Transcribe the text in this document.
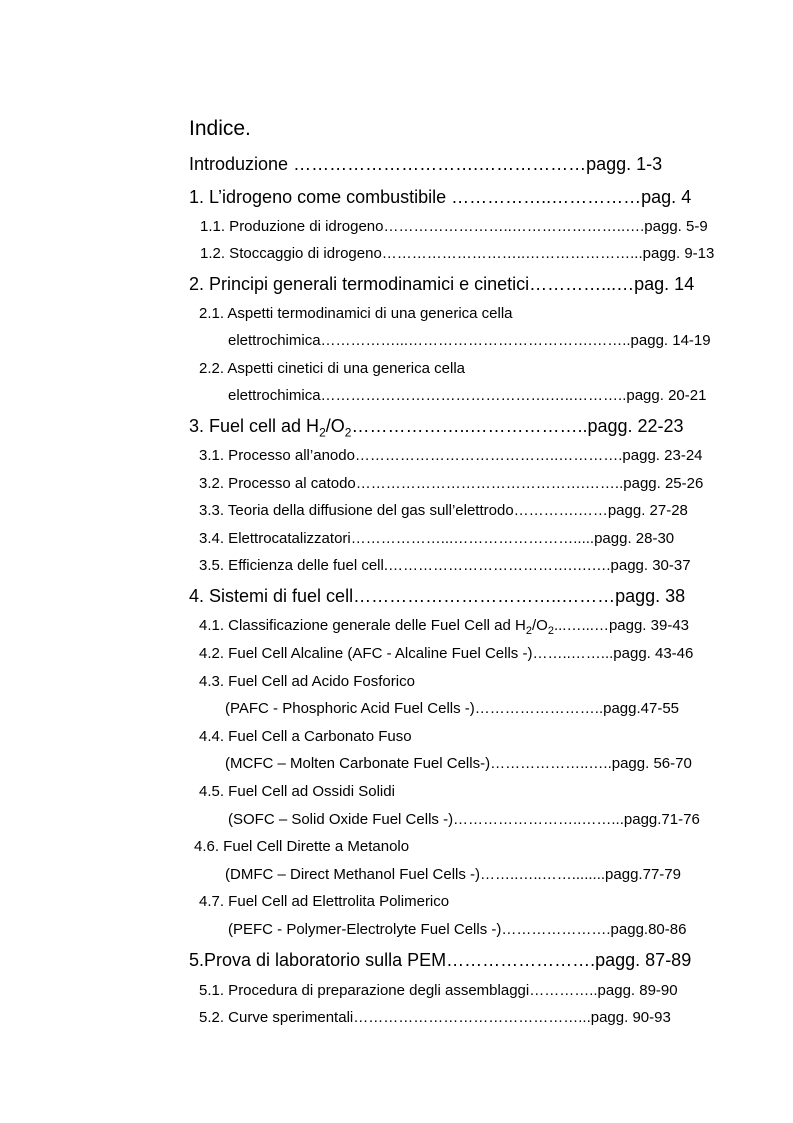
Indice.
Introduzione ………………………….………………pagg. 1-3
1. L’idrogeno come combustibile ……………..……………pag. 4
1.1. Produzione di idrogeno……………………..…………………..….pagg. 5-9
1.2. Stoccaggio di idrogeno………………………..…………………...pagg. 9-13
2. Principi generali termodinamici e cinetici…………...…pag. 14
2.1. Aspetti termodinamici di una generica cella
elettrochimica……………...……………………………….……..pagg. 14-19
2.2. Aspetti cinetici di una generica cella
elettrochimica……………………………………….…..………..pagg. 20-21
3. Fuel cell ad $H_2/O_2\dots\dots\dots\dots\dots\dots..\dots\dots\dots\dots\dots\dots..pagg$. 22-23
3.1. Processo all’anodo…………………………………..………….pagg. 23-24
3.2. Processo al catodo……………………………………….……..pagg. 25-26
3.3. Teoria della diffusione del gas sull’elettrodo………….……pagg. 27-28
3.4. Elettrocatalizzatori………………...…………………….....pagg. 28-30
3.5. Efficienza delle fuel cell.……………………………….….….pagg. 30-37
4. Sistemi di fuel cell……………………………..………pagg. 38
4.1. Classificazione generale delle Fuel Cell ad $H_2/O_2...\dots...\dots pagg$. 39-43
4.2. Fuel Cell Alcaline (AFC - Alcaline Fuel Cells -)……..……...pagg. 43-46
4.3. Fuel Cell ad Acido Fosforico
(PAFC - Phosphoric Acid Fuel Cells -)……………………..pagg.47-55
4.4. Fuel Cell a Carbonato Fuso
(MCFC – Molten Carbonate Fuel Cells-)………………..…..pagg. 56-70
4.5. Fuel Cell ad Ossidi Solidi
(SOFC – Solid Oxide Fuel Cells -)……………………..……...pagg.71-76
4.6. Fuel Cell Dirette a Metanolo
(DMFC – Direct Methanol Fuel Cells -)……..…..……........pagg.77-79
4.7. Fuel Cell ad Elettrolita Polimerico
(PEFC - Polymer-Electrolyte Fuel Cells -)………………….pagg.80-86
5.Prova di laboratorio sulla PEM…………………….pagg. 87-89
5.1. Procedura di preparazione degli assemblaggi…………..pagg. 89-90
5.2. Curve sperimentali………………………………………...pagg. 90-93
